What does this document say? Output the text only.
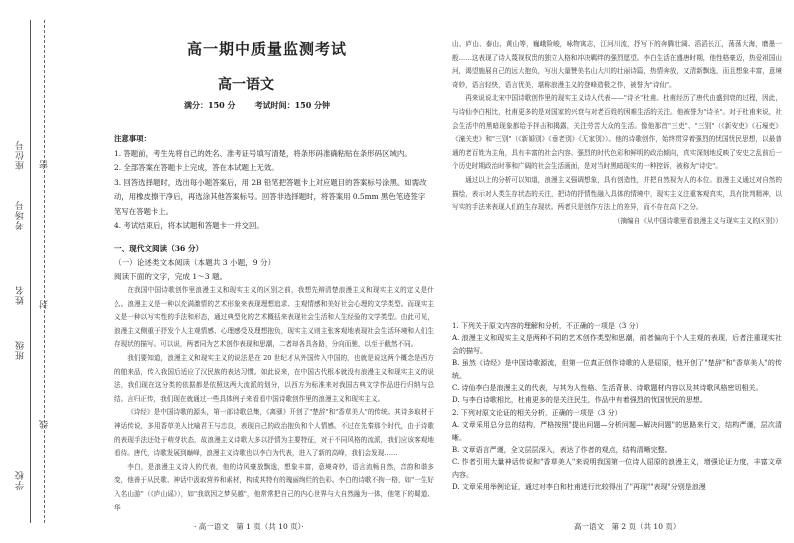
座位号
考场号
姓名
班级
学校
密
封
线
高一期中质量监测考试
高一语文
满分：150 分 考试时间：150 分钟

注意事项：

1. 答题前，考生先将自己的姓名、准考证号填写清楚，将条形码准确粘贴在条形码区域内。

2. 全部答案在答题卡上完成，答在本试题上无效。

3. 回答选择题时，选出每小题答案后，用 2B 铅笔把答题卡上对应题目的答案标号涂黑。如需改动，用橡皮擦干净后，再选涂其他答案标号。回答非选择题时，将答案用 0.5mm 黑色笔迹签字笔写在答题卡上。

4. 考试结束后，将本试题和答题卡一并交回。

一、现代文阅读（36 分）

（一）论述类文本阅读（本题共 3 小题，9 分）

阅读下面的文字，完成 1～3 题。

在我国中国诗歌创作里浪漫主义和现实主义的区别之前，我想先辩清楚浪漫主义和现实主义的定义是什么。浪漫主义是一种以充满激情的艺术形象来表现理想追求、主观情感和美好社会心理的文学类型。而现实主义是一种以写实性的手法和形态，通过典型化的艺术概括来表现社会生活和人生经验的文学类型。由此可见，浪漫主义侧重于抒发个人主观情感、心理感受及理想抱负，现实主义则主张客观地表现社会生活环境和人们生存现状的描写。可以说，两者同为艺术创作表现和思潮，二者却各具各路，分向而驰，以至于截然不同。

我们要知道，浪漫主义和现实主义的说法是在 20 世纪才从外国传入中国的，也就是说这两个概念是西方的舶来品，传入我国后适应了汉民族的表达习惯。如此说来，在中国古代根本就没有浪漫主义和现实主义的说法，我们现在这分类的依据都是依照这两大流派的划分，以西方为标准来对我国古典文学作品进行归纳与总结。言归正传，我们现在就通过一些具体例子来看看中国诗歌创作里的浪漫主义和现实主义。

《诗经》是中国诗歌的源头，第一部诗歌总集，《离骚》开创了"楚辞"和"香草美人"的传统。其诗多取材于神话传说，多用香草美人比喻君王与忠良，表现自己的政治抱负和个人情感。不过在先秦那个时代，由于诗歌的表现手法还处于萌芽状态，故浪漫主义诗歌大多以抒情为主要特征，对于不同风格的流派，我们应该客观地看待。唐代，诗歌发展到巅峰，浪漫主义诗歌也以李白为代表，进入了新的高峰，我们会发现……

李白，是浪漫主义诗人的代表，他的诗风豪放飘逸，想象丰富，意境奇妙，语言流畅自然，音韵和谐多变，他善于从民歌、神话中汲取营养和素材，构成其特有的瑰丽绚烂的色彩。李白的诗歌不拘一格，如"一生好入名山游"（《庐山谣》），如"我欲因之梦吴越"，他常常把自己的内心世界与大自然融为一体，他笔下的蜀道、华

· 高一语文　第 1 页（共 10 页）·

山、庐山、泰山、黄山等，巍峨险峻，咏物寓志，江河川流，抒写下的奔腾壮阔、滔滔长江，荡荡大海，磨墨一般……这表现了诗人蔑视权贵的独立人格和冲决羁绊的强烈愿望。李白生活在盛唐时期，他性格豪迈，热爱祖国山河，渴望施展自己的远大抱负，写出大量赞美名山大川的壮丽诗篇，热情奔放，又清新飘逸，而且想象丰富，意境奇妙，语言轻快，语言优美，堪称浪漫主义的登峰造极之作，被誉为"诗仙"。

再来说说北宋中国诗歌创作里的现实主义诗人代表——"诗圣"杜甫。杜甫经历了唐代由盛到衰的过程，因此，与诗仙李白相比，杜甫更多的是对国家的兴衰与对老百姓的困难生活的关注。他被誉为"诗圣"。对于杜甫来说，社会生活中的黑暗现象都给予抨击和揭露，关注劳苦大众的生活。像他那首"三吏"、"三别"（《新安吏》《石壕吏》《潼关吏》和"三别"（《新婚别》《垂老别》《无家别》）。他的诗歌创作，始终贯穿着强烈的忧国忧民思想，以最普通的老百姓为主角，具有丰富的社会内容、强烈的时代色彩和鲜明的政治倾向，真实深刻地反映了安史之乱前后一个历史时期政治时事和广阔的社会生活画面，是对当时黑暗现实的一种控诉，被称为"诗史"。

通过以上的分析可以知道，浪漫主义强调想象，具有创造性，并把自然视为人的本位。浪漫主义通过对自然的描绘，表示对人类生存状态的关注，把诗的抒情性融入具体的情境中，现实主义注重客观真实，具有批判精神，以写实的手法来表现人们的生存现状。两者只是创作方法上的差异，而不存在高下之分。

（摘编自《从中国诗歌里看浪漫主义与现实主义的区别》）

1. 下列关于原文内容的理解和分析，不正确的一项是（3 分）

A. 浪漫主义和现实主义是两种不同的艺术创作类型和思潮，前者偏向于个人主观的表现，后者注重现实社会的描写。

B. 虽然《诗经》是中国诗歌源流，但第一位真正创作诗歌的人是屈原，他开创了"楚辞"和"香草美人"的传统。

C. 诗仙李白是浪漫主义的代表，与其为人性格、生活背景、诗歌题材内容以及其诗歌风格密切相关。

D. 与李白诗歌相比，杜甫更多的是关注民生，作品中有着强烈的忧国忧民的思想。

2. 下列对原文论证的相关分析，正确的一项是（3 分）

A. 文章采用总分总的结构，严格按照"提出问题—分析问题—解决问题"的思路来行文，结构严谨，层次清晰。

B. 文章语言严谨，全文层层深入，表达了作者的观点，结构清晰完整。

C. 作者引用大量神话传说和"香草美人"来说明我国第一位诗人屈原的浪漫主义，增强论证力度，丰富文章内容。

D. 文章采用举例论证，通过对李白和杜甫进行比较得出了"再现""表现"分别是浪漫

高一语文　第 2 页（共 10 页）
